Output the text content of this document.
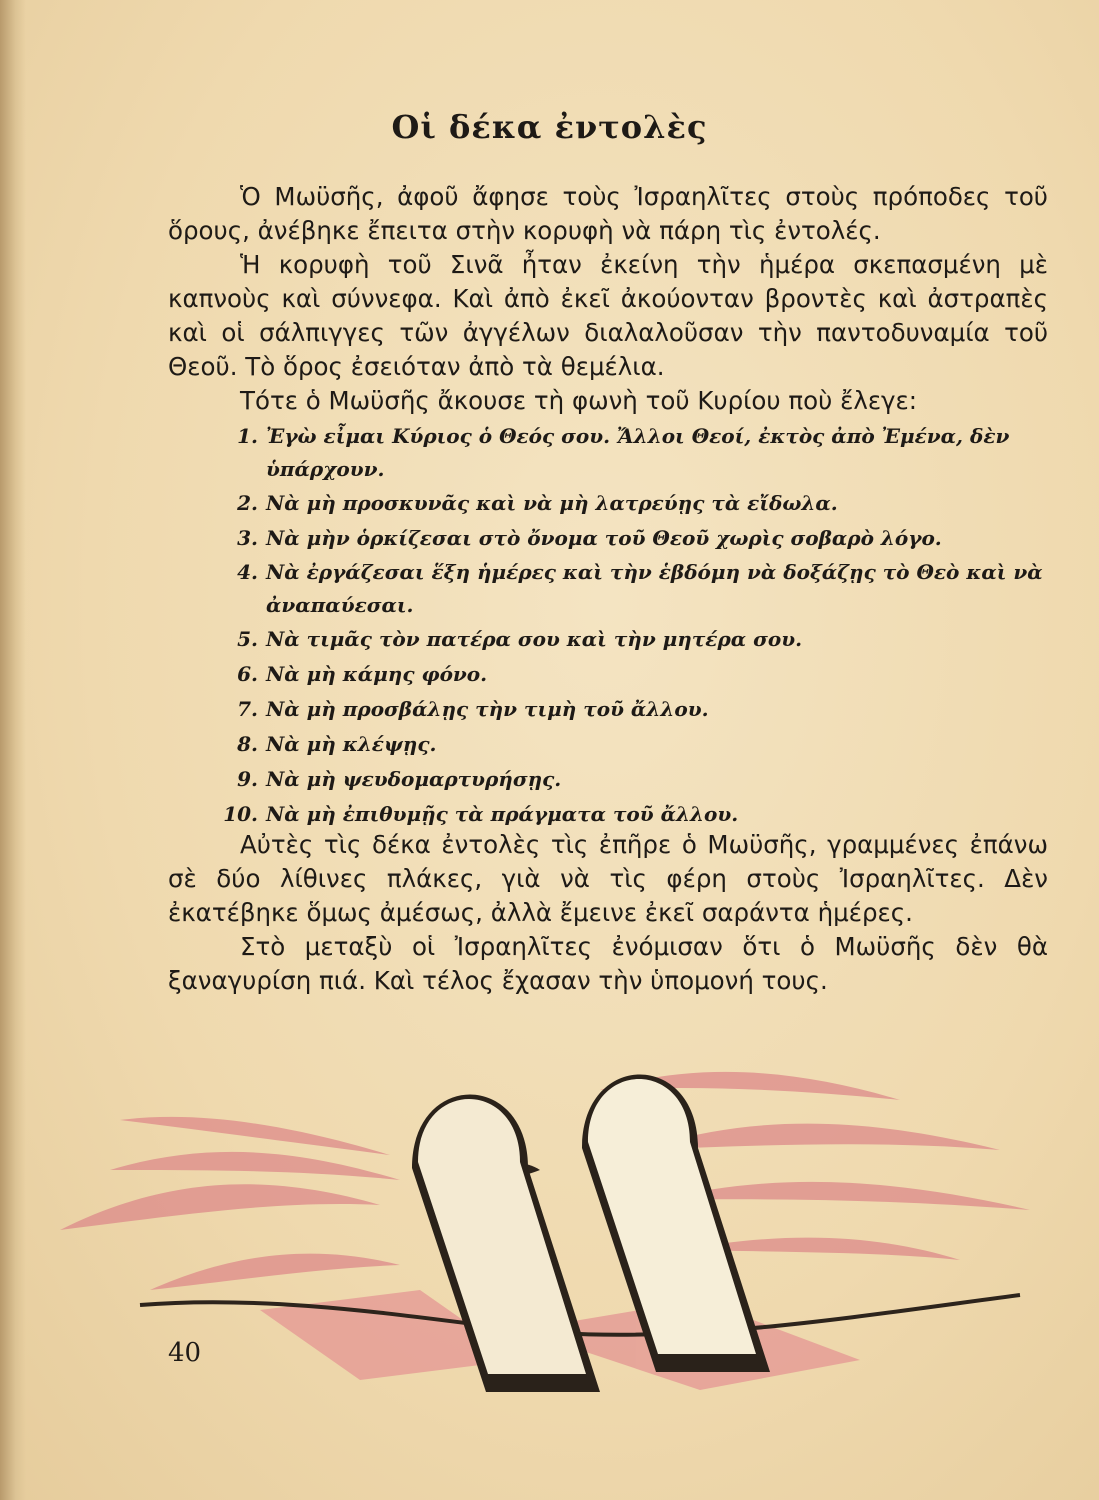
Οἱ δέκα ἐντολὲς

Ὁ Μωϋσῆς, ἀφοῦ ἄφησε τοὺς Ἰσραηλῖτες στοὺς πρόποδες τοῦ ὅρους, ἀνέβηκε ἔπειτα στὴν κορυφὴ νὰ πάρη τὶς ἐντολές.

Ἡ κορυφὴ τοῦ Σινᾶ ἦταν ἐκείνη τὴν ἡμέρα σκεπασμένη μὲ καπνοὺς καὶ σύννεφα. Καὶ ἀπὸ ἐκεῖ ἀκούονταν βροντὲς καὶ ἀστραπὲς καὶ οἱ σάλπιγγες τῶν ἀγγέλων διαλαλοῦσαν τὴν παντοδυναμία τοῦ Θεοῦ. Τὸ ὅρος ἐσειόταν ἀπὸ τὰ θεμέλια.

Τότε ὁ Μωϋσῆς ἄκουσε τὴ φωνὴ τοῦ Κυρίου ποὺ ἔλεγε:

1. Ἐγὼ εἶμαι Κύριος ὁ Θεός σου. Ἄλλοι Θεοί, ἐκτὸς ἀπὸ Ἐμένα, δὲν ὑπάρχουν.
2. Νὰ μὴ προσκυνᾶς καὶ νὰ μὴ λατρεύῃς τὰ εἴδωλα.
3. Νὰ μὴν ὁρκίζεσαι στὸ ὄνομα τοῦ Θεοῦ χωρὶς σοβαρὸ λόγο.
4. Νὰ ἐργάζεσαι ἕξη ἡμέρες καὶ τὴν ἑβδόμη νὰ δοξάζῃς τὸ Θεὸ καὶ νὰ ἀναπαύεσαι.
5. Νὰ τιμᾶς τὸν πατέρα σου καὶ τὴν μητέρα σου.
6. Νὰ μὴ κάμης φόνο.
7. Νὰ μὴ προσβάλῃς τὴν τιμὴ τοῦ ἄλλου.
8. Νὰ μὴ κλέψῃς.
9. Νὰ μὴ ψευδομαρτυρήσῃς.
10. Νὰ μὴ ἐπιθυμῇς τὰ πράγματα τοῦ ἄλλου.

Αὐτὲς τὶς δέκα ἐντολὲς τὶς ἐπῆρε ὁ Μωϋσῆς, γραμμένες ἐπάνω σὲ δύο λίθινες πλάκες, γιὰ νὰ τὶς φέρη στοὺς Ἰσραηλῖτες. Δὲν ἐκατέβηκε ὅμως ἀμέσως, ἀλλὰ ἔμεινε ἐκεῖ σαράντα ἡμέρες.

Στὸ μεταξὺ οἱ Ἰσραηλῖτες ἐνόμισαν ὅτι ὁ Μωϋσῆς δὲν θὰ ξαναγυρίση πιά. Καὶ τέλος ἔχασαν τὴν ὑπομονή τους.

40
